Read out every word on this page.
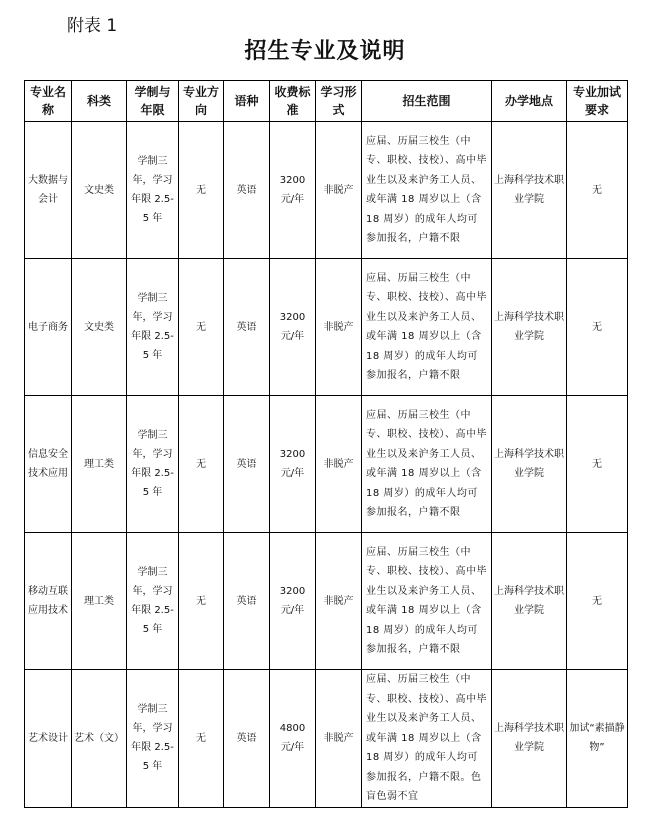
附表 1
招生专业及说明
专业名称	科类	学制与年限	专业方向	语种	收费标准	学习形式	招生范围	办学地点	专业加试要求
大数据与会计	文史类	学制三年，学习年限 2.5-5 年	无	英语	3200 元/年	非脱产	应届、历届三校生（中专、职校、技校）、高中毕业生以及来沪务工人员、或年满 18 周岁以上（含 18 周岁）的成年人均可参加报名，户籍不限	上海科学技术职业学院	无
电子商务	文史类	学制三年，学习年限 2.5-5 年	无	英语	3200 元/年	非脱产	应届、历届三校生（中专、职校、技校）、高中毕业生以及来沪务工人员、或年满 18 周岁以上（含 18 周岁）的成年人均可参加报名，户籍不限	上海科学技术职业学院	无
信息安全技术应用	理工类	学制三年，学习年限 2.5-5 年	无	英语	3200 元/年	非脱产	应届、历届三校生（中专、职校、技校）、高中毕业生以及来沪务工人员、或年满 18 周岁以上（含 18 周岁）的成年人均可参加报名，户籍不限	上海科学技术职业学院	无
移动互联应用技术	理工类	学制三年，学习年限 2.5-5 年	无	英语	3200 元/年	非脱产	应届、历届三校生（中专、职校、技校）、高中毕业生以及来沪务工人员、或年满 18 周岁以上（含 18 周岁）的成年人均可参加报名，户籍不限	上海科学技术职业学院	无
艺术设计	艺术（文）	学制三年，学习年限 2.5-5 年	无	英语	4800 元/年	非脱产	应届、历届三校生（中专、职校、技校）、高中毕业生以及来沪务工人员、或年满 18 周岁以上（含 18 周岁）的成年人均可参加报名，户籍不限。色盲色弱不宜	上海科学技术职业学院	加试“素描静物”
